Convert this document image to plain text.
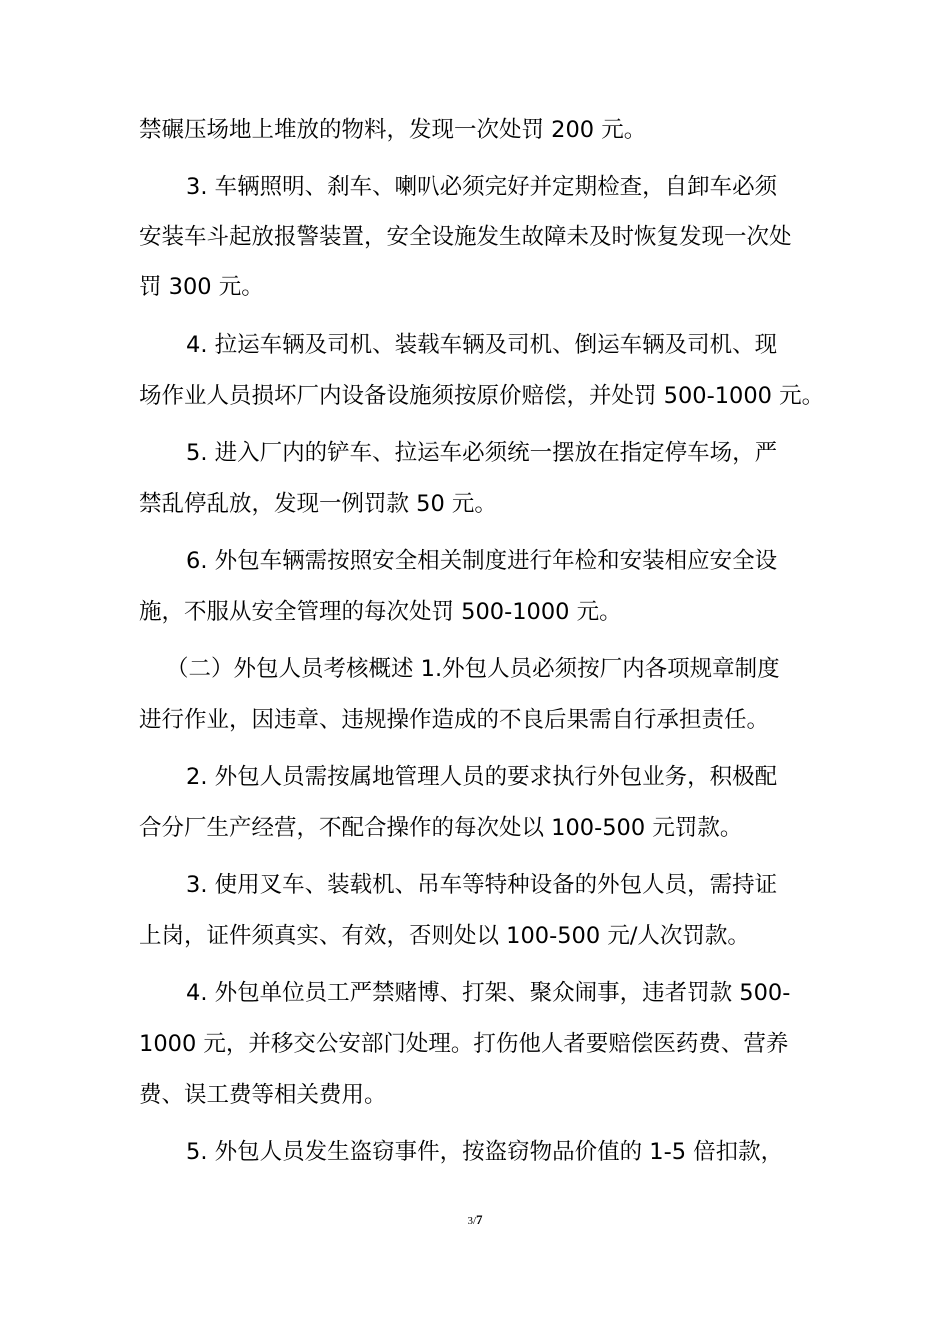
禁碾压场地上堆放的物料，发现一次处罚 200 元。

3. 车辆照明、刹车、喇叭必须完好并定期检查，自卸车必须

安装车斗起放报警装置，安全设施发生故障未及时恢复发现一次处

罚 300 元。

4. 拉运车辆及司机、装载车辆及司机、倒运车辆及司机、现

场作业人员损坏厂内设备设施须按原价赔偿，并处罚 500-1000 元。

5. 进入厂内的铲车、拉运车必须统一摆放在指定停车场，严

禁乱停乱放，发现一例罚款 50 元。

6. 外包车辆需按照安全相关制度进行年检和安装相应安全设

施，不服从安全管理的每次处罚 500-1000 元。

（二）外包人员考核概述 1.外包人员必须按厂内各项规章制度

进行作业，因违章、违规操作造成的不良后果需自行承担责任。

2. 外包人员需按属地管理人员的要求执行外包业务，积极配

合分厂生产经营，不配合操作的每次处以 100-500 元罚款。

3. 使用叉车、装载机、吊车等特种设备的外包人员，需持证

上岗，证件须真实、有效，否则处以 100-500 元/人次罚款。

4. 外包单位员工严禁赌博、打架、聚众闹事，违者罚款 500-

1000 元，并移交公安部门处理。打伤他人者要赔偿医药费、营养

费、误工费等相关费用。

5. 外包人员发生盗窃事件，按盗窃物品价值的 1-5 倍扣款，

3/7
